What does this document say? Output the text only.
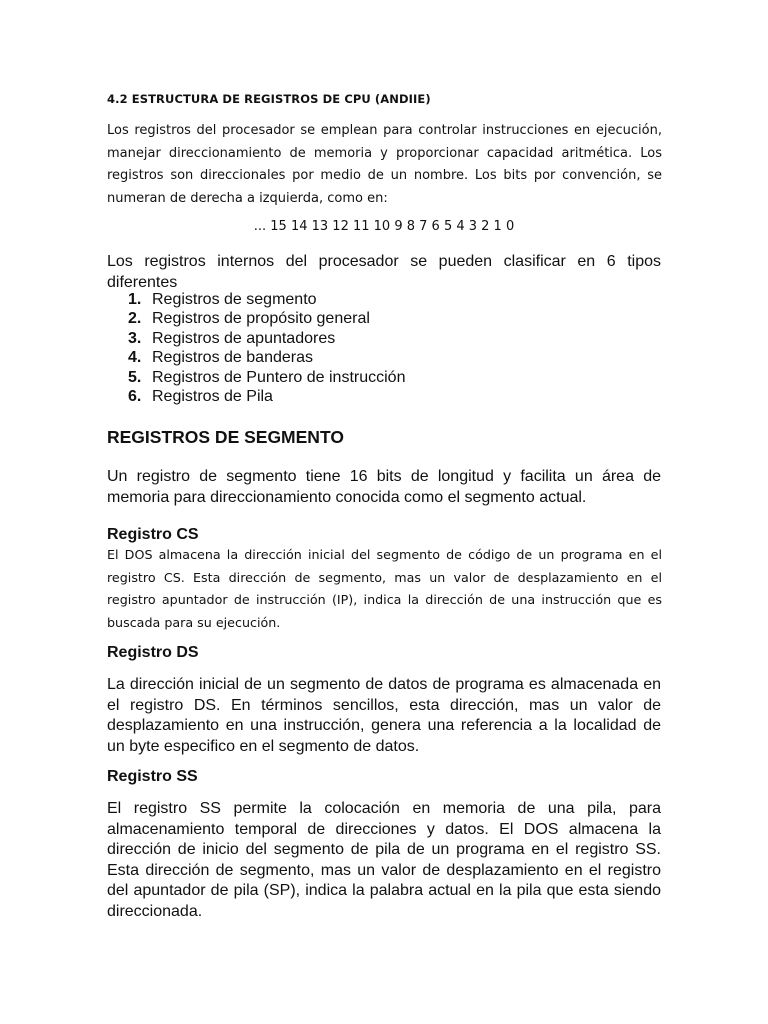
4.2 ESTRUCTURA DE REGISTROS DE CPU (ANDIIE)
Los registros del procesador se emplean para controlar instrucciones en ejecución, manejar direccionamiento de memoria y proporcionar capacidad aritmética. Los registros son direccionales por medio de un nombre. Los bits por convención, se numeran de derecha a izquierda, como en:
... 15 14 13 12 11 10 9 8 7 6 5 4 3 2 1 0
Los registros internos del procesador se pueden clasificar en 6 tipos diferentes
1. Registros de segmento
2. Registros de propósito general
3. Registros de apuntadores
4. Registros de banderas
5. Registros de Puntero de instrucción
6. Registros de Pila
REGISTROS DE SEGMENTO
Un registro de segmento tiene 16 bits de longitud y facilita un área de memoria para direccionamiento conocida como el segmento actual.
Registro CS
El DOS almacena la dirección inicial del segmento de código de un programa en el registro CS. Esta dirección de segmento, mas un valor de desplazamiento en el registro apuntador de instrucción (IP), indica la dirección de una instrucción que es buscada para su ejecución.
Registro DS
La dirección inicial de un segmento de datos de programa es almacenada en el registro DS. En términos sencillos, esta dirección, mas un valor de desplazamiento en una instrucción, genera una referencia a la localidad de un byte especifico en el segmento de datos.
Registro SS
El registro SS permite la colocación en memoria de una pila, para almacenamiento temporal de direcciones y datos. El DOS almacena la dirección de inicio del segmento de pila de un programa en el registro SS. Esta dirección de segmento, mas un valor de desplazamiento en el registro del apuntador de pila (SP), indica la palabra actual en la pila que esta siendo direccionada.
